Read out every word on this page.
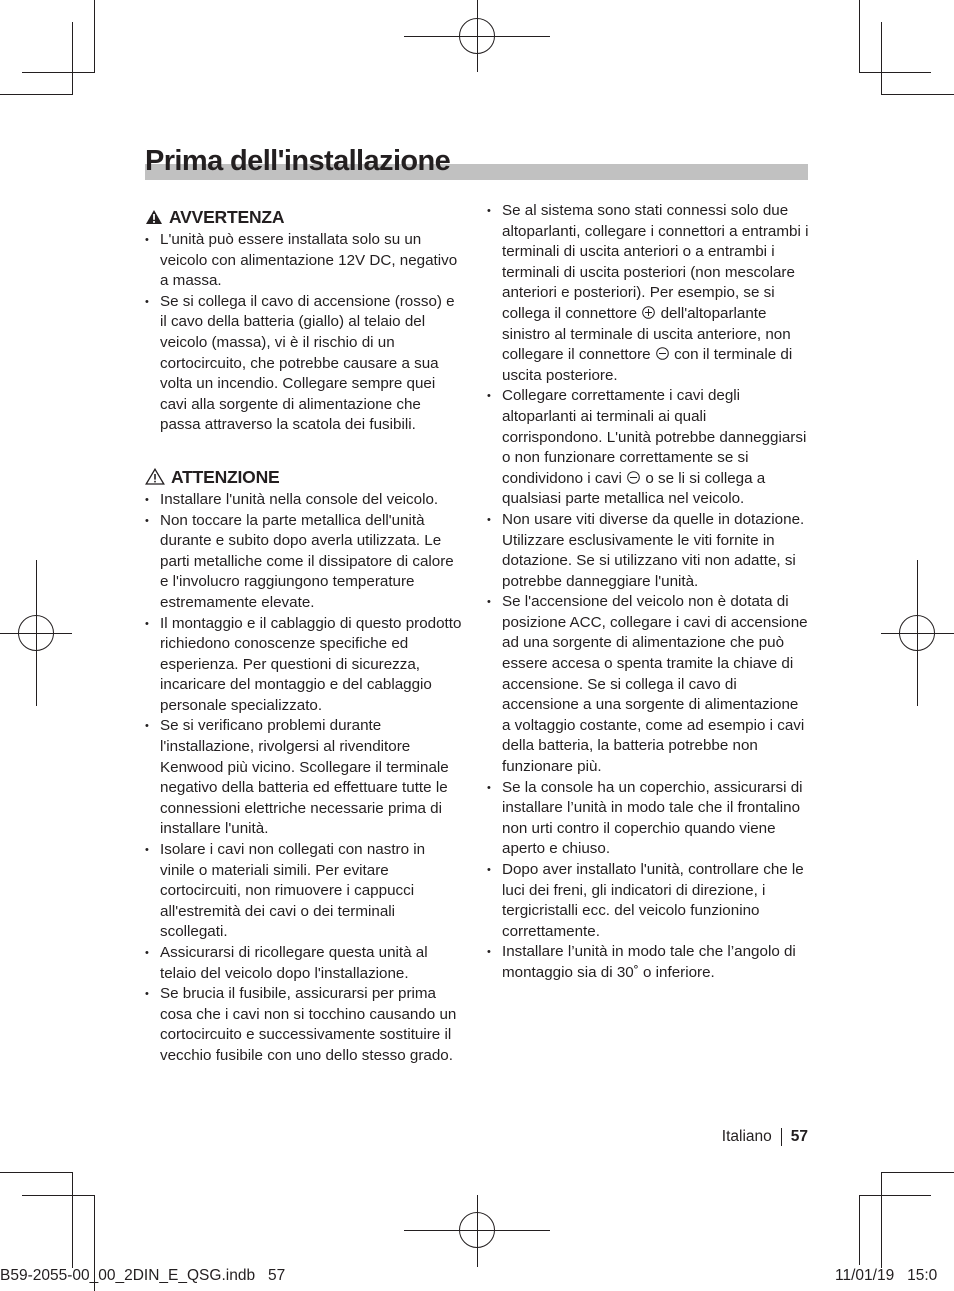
Prima dell'installazione
AVVERTENZA
• L'unità può essere installata solo su un veicolo con alimentazione 12V DC, negativo a massa.
• Se si collega il cavo di accensione (rosso) e il cavo della batteria (giallo) al telaio del veicolo (massa), vi è il rischio di un cortocircuito, che potrebbe causare a sua volta un incendio. Collegare sempre quei cavi alla sorgente di alimentazione che passa attraverso la scatola dei fusibili.
ATTENZIONE
• Installare l'unità nella console del veicolo.
• Non toccare la parte metallica dell'unità durante e subito dopo averla utilizzata. Le parti metalliche come il dissipatore di calore e l'involucro raggiungono temperature estremamente elevate.
• Il montaggio e il cablaggio di questo prodotto richiedono conoscenze specifiche ed esperienza. Per questioni di sicurezza, incaricare del montaggio e del cablaggio personale specializzato.
• Se si verificano problemi durante l'installazione, rivolgersi al rivenditore Kenwood più vicino. Scollegare il terminale negativo della batteria ed effettuare tutte le connessioni elettriche necessarie prima di installare l'unità.
• Isolare i cavi non collegati con nastro in vinile o materiali simili. Per evitare cortocircuiti, non rimuovere i cappucci all'estremità dei cavi o dei terminali scollegati.
• Assicurarsi di ricollegare questa unità al telaio del veicolo dopo l'installazione.
• Se brucia il fusibile, assicurarsi per prima cosa che i cavi non si tocchino causando un cortocircuito e successivamente sostituire il vecchio fusibile con uno dello stesso grado.
• Se al sistema sono stati connessi solo due altoparlanti, collegare i connettori a entrambi i terminali di uscita anteriori o a entrambi i terminali di uscita posteriori (non mescolare anteriori e posteriori). Per esempio, se si collega il connettore dell'altoparlante sinistro al terminale di uscita anteriore, non collegare il connettore con il terminale di uscita posteriore.
• Collegare correttamente i cavi degli altoparlanti ai terminali ai quali corrispondono. L'unità potrebbe danneggiarsi o non funzionare correttamente se si condividono i cavi o se li si collega a qualsiasi parte metallica nel veicolo.
• Non usare viti diverse da quelle in dotazione. Utilizzare esclusivamente le viti fornite in dotazione. Se si utilizzano viti non adatte, si potrebbe danneggiare l'unità.
• Se l'accensione del veicolo non è dotata di posizione ACC, collegare i cavi di accensione ad una sorgente di alimentazione che può essere accesa o spenta tramite la chiave di accensione. Se si collega il cavo di accensione a una sorgente di alimentazione a voltaggio costante, come ad esempio i cavi della batteria, la batteria potrebbe non funzionare più.
• Se la console ha un coperchio, assicurarsi di installare l’unità in modo tale che il frontalino non urti contro il coperchio quando viene aperto e chiuso.
• Dopo aver installato l'unità, controllare che le luci dei freni, gli indicatori di direzione, i tergicristalli ecc. del veicolo funzionino correttamente.
• Installare l’unità in modo tale che l’angolo di montaggio sia di 30˚ o inferiore.
Italiano 57
B59-2055-00_00_2DIN_E_QSG.indb   57	11/01/19   15:0
